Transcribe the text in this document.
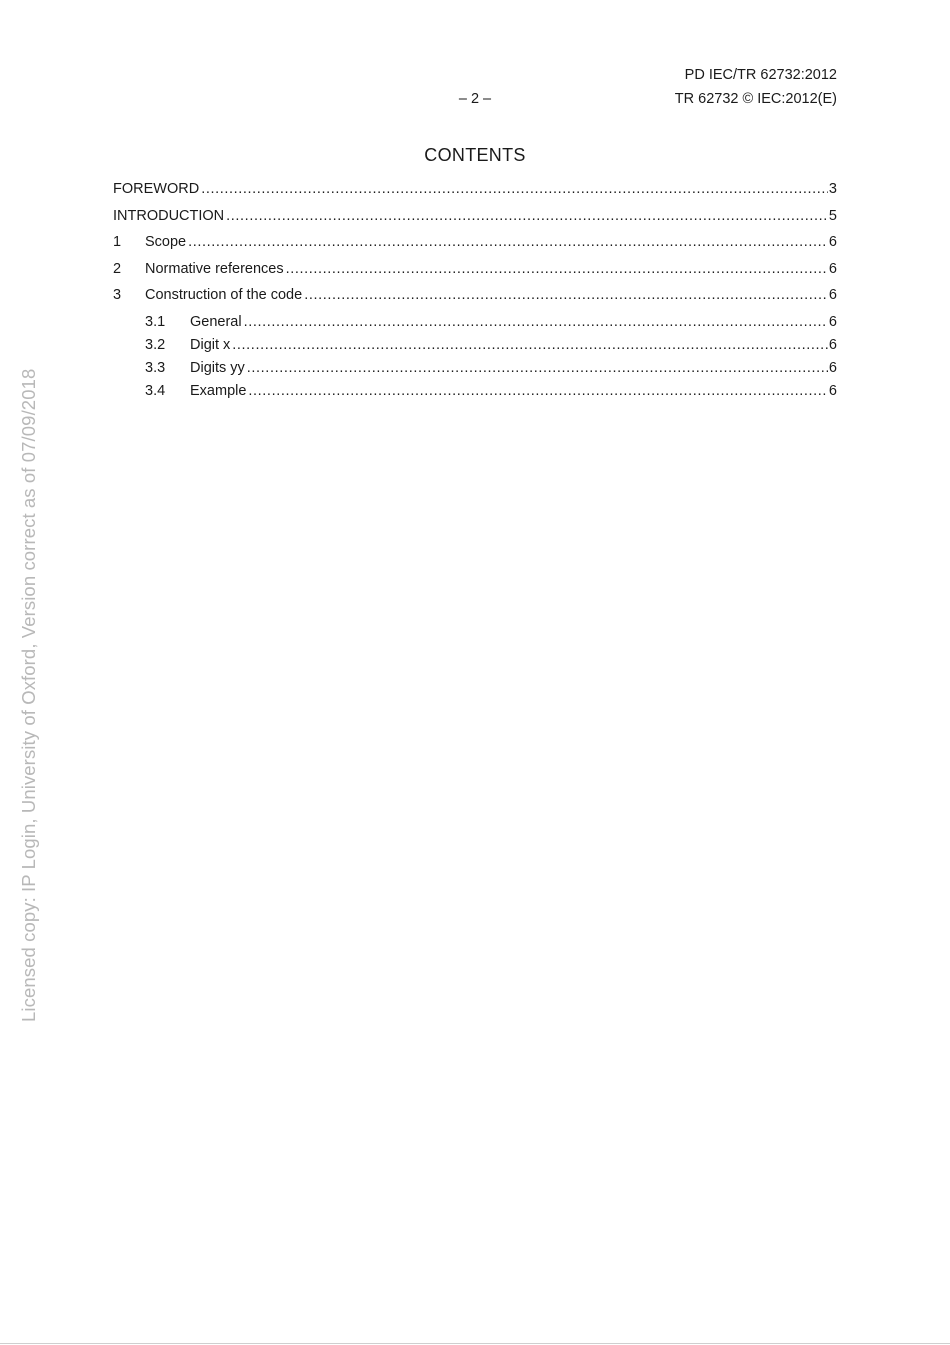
PD IEC/TR 62732:2012
– 2 –	TR 62732 © IEC:2012(E)
CONTENTS
FOREWORD .....	3
INTRODUCTION .....	5
1	Scope .....	6
2	Normative references .....	6
3	Construction of the code .....	6
3.1	General .....	6
3.2	Digit x .....	6
3.3	Digits yy .....	6
3.4	Example .....	6
Licensed copy: IP Login, University of Oxford, Version correct as of 07/09/2018
